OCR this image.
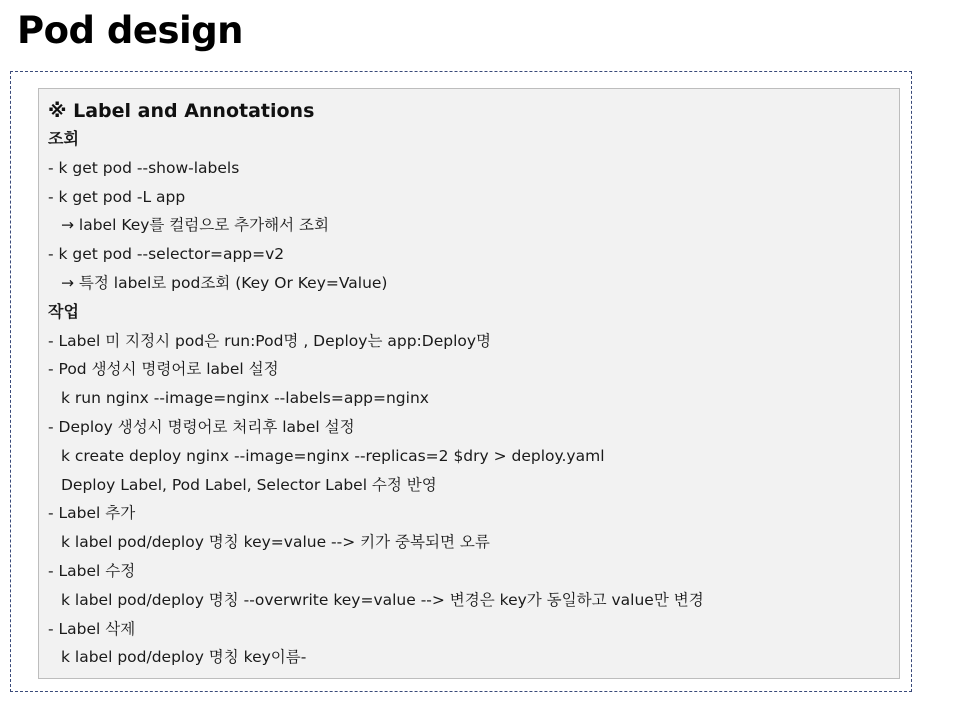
Pod design
※ Label and Annotations
조회
- k get pod --show-labels
- k get pod -L app
→ label Key를 컬럼으로 추가해서 조회
- k get pod --selector=app=v2
→ 특정 label로 pod조회 (Key Or Key=Value)
작업
- Label 미 지정시 pod은 run:Pod명 , Deploy는 app:Deploy명
- Pod 생성시 명령어로 label 설정
k run nginx --image=nginx --labels=app=nginx
- Deploy 생성시 명령어로 처리후 label 설정
k create deploy nginx --image=nginx --replicas=2 $dry > deploy.yaml
Deploy Label, Pod Label, Selector Label 수정 반영
- Label 추가
k label pod/deploy 명칭 key=value --> 키가 중복되면 오류
- Label 수정
k label pod/deploy 명칭 --overwrite key=value --> 변경은 key가 동일하고 value만 변경
- Label 삭제
k label pod/deploy 명칭 key이름-
